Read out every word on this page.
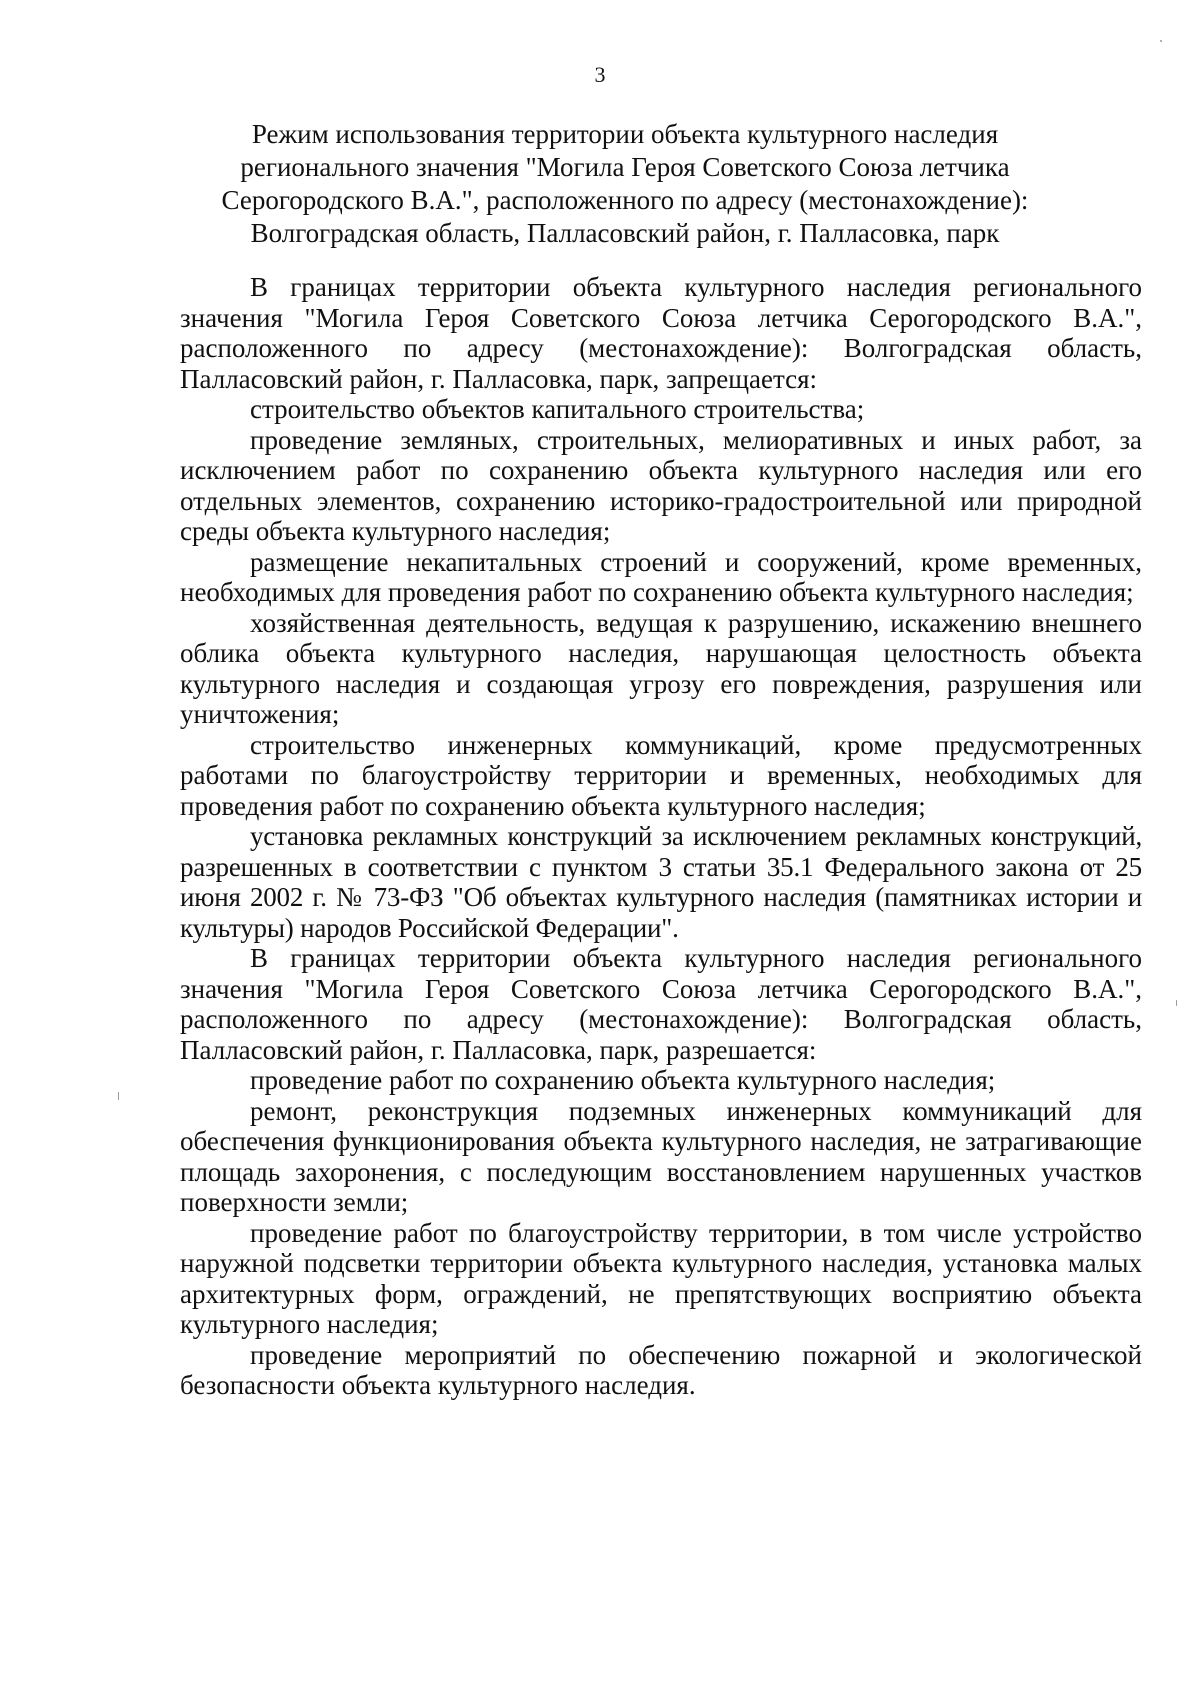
3
Режим использования территории объекта культурного наследия
регионального значения "Могила Героя Советского Союза летчика
Серогородского В.А.", расположенного по адресу (местонахождение):
Волгоградская область, Палласовский район, г. Палласовка, парк

В границах территории объекта культурного наследия регионального значения "Могила Героя Советского Союза летчика Серогородского В.А.", расположенного по адресу (местонахождение): Волгоградская область, Палласовский район, г. Палласовка, парк, запрещается:

строительство объектов капитального строительства;

проведение земляных, строительных, мелиоративных и иных работ, за исключением работ по сохранению объекта культурного наследия или его отдельных элементов, сохранению историко-градостроительной или природной среды объекта культурного наследия;

размещение некапитальных строений и сооружений, кроме временных, необходимых для проведения работ по сохранению объекта культурного наследия;

хозяйственная деятельность, ведущая к разрушению, искажению внешнего облика объекта культурного наследия, нарушающая целостность объекта культурного наследия и создающая угрозу его повреждения, разрушения или уничтожения;

строительство инженерных коммуникаций, кроме предусмотренных работами по благоустройству территории и временных, необходимых для проведения работ по сохранению объекта культурного наследия;

установка рекламных конструкций за исключением рекламных конструкций, разрешенных в соответствии с пунктом 3 статьи 35.1 Федерального закона от 25 июня 2002 г. № 73-ФЗ "Об объектах культурного наследия (памятниках истории и культуры) народов Российской Федерации".

В границах территории объекта культурного наследия регионального значения "Могила Героя Советского Союза летчика Серогородского В.А.", расположенного по адресу (местонахождение): Волгоградская область, Палласовский район, г. Палласовка, парк, разрешается:

проведение работ по сохранению объекта культурного наследия;

ремонт, реконструкция подземных инженерных коммуникаций для обеспечения функционирования объекта культурного наследия, не затрагивающие площадь захоронения, с последующим восстановлением нарушенных участков поверхности земли;

проведение работ по благоустройству территории, в том числе устройство наружной подсветки территории объекта культурного наследия, установка малых архитектурных форм, ограждений, не препятствующих восприятию объекта культурного наследия;

проведение мероприятий по обеспечению пожарной и экологической безопасности объекта культурного наследия.
